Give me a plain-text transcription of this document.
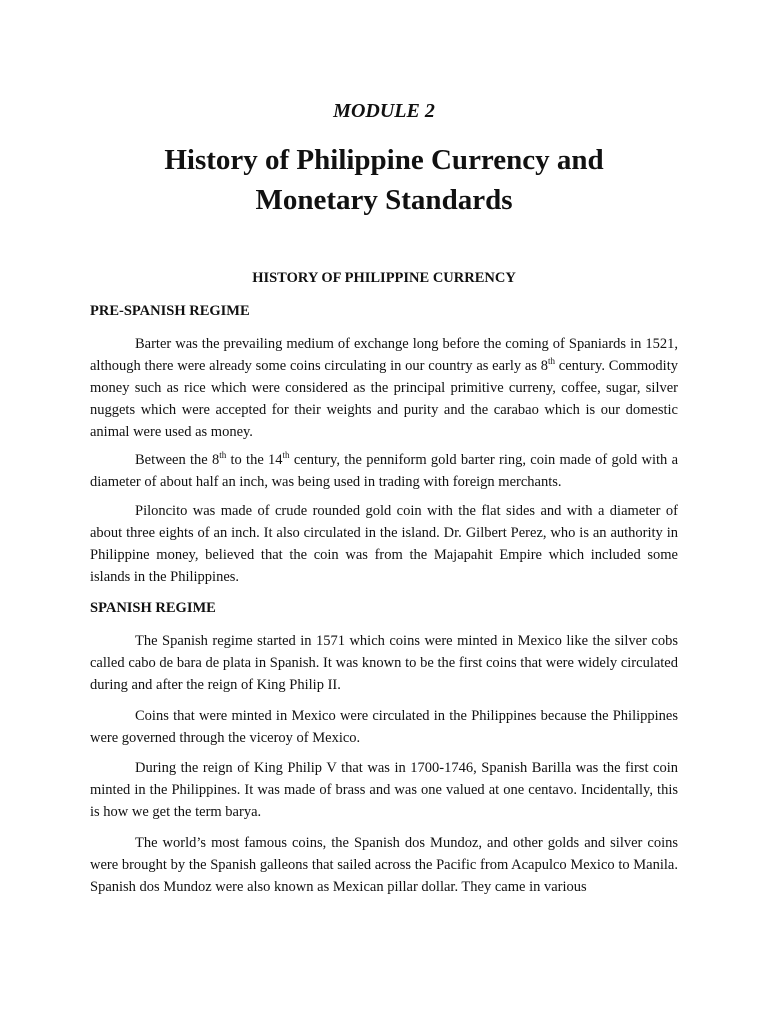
MODULE 2
History of Philippine Currency and
Monetary Standards
HISTORY OF PHILIPPINE CURRENCY
PRE-SPANISH REGIME

Barter was the prevailing medium of exchange long before the coming of Spaniards in 1521, although there were already some coins circulating in our country as early as 8th century. Commodity money such as rice which were considered as the principal primitive curreny, coffee, sugar, silver nuggets which were accepted for their weights and purity and the carabao which is our domestic animal were used as money.

Between the 8th to the 14th century, the penniform gold barter ring, coin made of gold with a diameter of about half an inch, was being used in trading with foreign merchants.

Piloncito was made of crude rounded gold coin with the flat sides and with a diameter of about three eights of an inch. It also circulated in the island. Dr. Gilbert Perez, who is an authority in Philippine money, believed that the coin was from the Majapahit Empire which included some islands in the Philippines.

SPANISH REGIME

The Spanish regime started in 1571 which coins were minted in Mexico like the silver cobs called cabo de bara de plata in Spanish. It was known to be the first coins that were widely circulated during and after the reign of King Philip II.

Coins that were minted in Mexico were circulated in the Philippines because the Philippines were governed through the viceroy of Mexico.

During the reign of King Philip V that was in 1700-1746, Spanish Barilla was the first coin minted in the Philippines. It was made of brass and was one valued at one centavo. Incidentally, this is how we get the term barya.

The world’s most famous coins, the Spanish dos Mundoz, and other golds and silver coins were brought by the Spanish galleons that sailed across the Pacific from Acapulco Mexico to Manila. Spanish dos Mundoz were also known as Mexican pillar dollar. They came in various
